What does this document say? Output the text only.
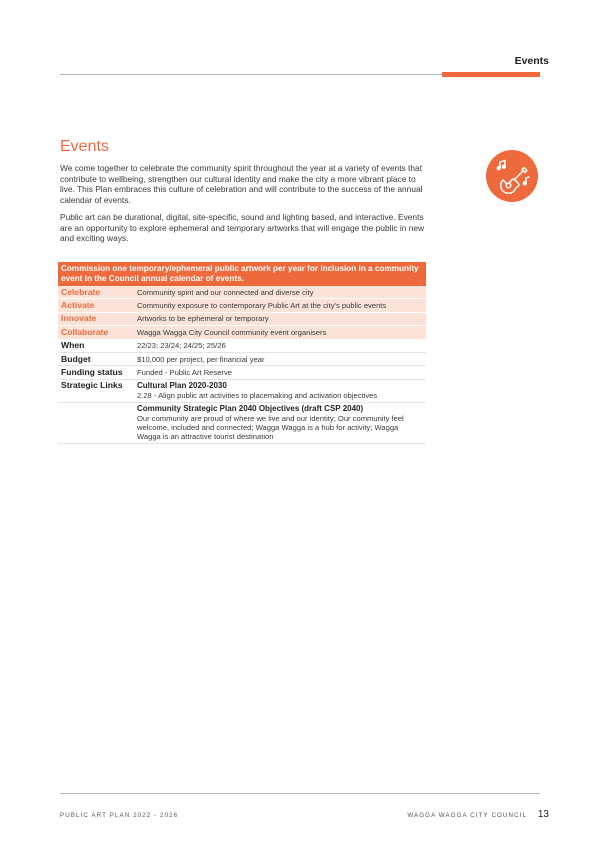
Events
Events

We come together to celebrate the community spirit throughout the year at a variety of events that contribute to wellbeing, strengthen our cultural identity and make the city a more vibrant place to live. This Plan embraces this culture of celebration and will contribute to the success of the annual calendar of events.

Public art can be durational, digital, site-specific, sound and lighting based, and interactive. Events are an opportunity to explore ephemeral and temporary artworks that will engage the public in new and exciting ways.

Commission one temporary/ephemeral public artwork per year for inclusion in a community event in the Council annual calendar of events.	
Celebrate	Community spirit and our connected and diverse city
Activate	Community exposure to contemporary Public Art at the city's public events
Innovate	Artworks to be ephemeral or temporary
Collaborate	Wagga Wagga City Council community event organisers
When	22/23; 23/24; 24/25; 25/26
Budget	$10,000 per project, per financial year
Funding status	Funded - Public Art Reserve
Strategic Links	Cultural Plan 2020-2030
2.28 - Align public art activities to placemaking and activation objectives

	Community Strategic Plan 2040 Objectives (draft CSP 2040)
Our community are proud of where we live and our identity; Our community feel welcome, included and connected; Wagga Wagga is a hub for activity; Wagga Wagga is an attractive tourist destination
PUBLIC ART PLAN 2022 - 2026	WAGGA WAGGA CITY COUNCIL 13
